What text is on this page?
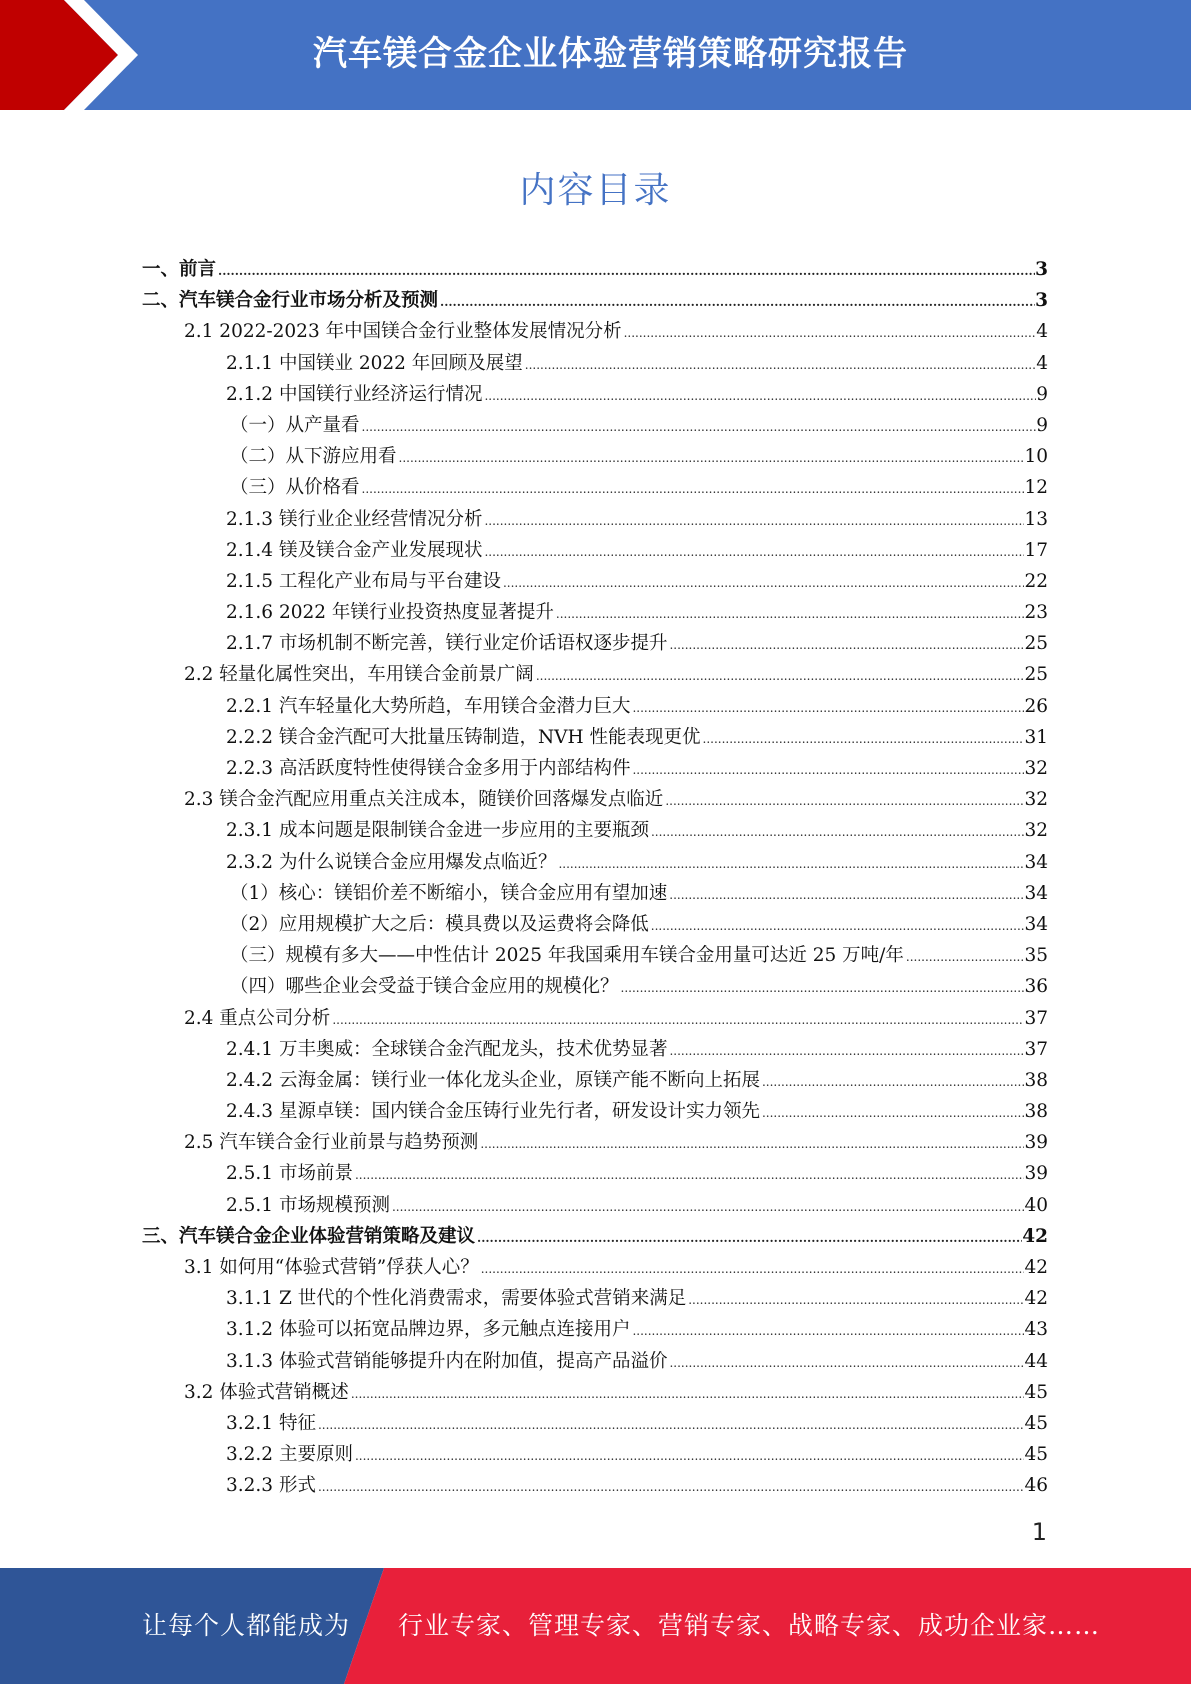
汽车镁合金企业体验营销策略研究报告
内容目录
一、前言 .....	3
二、汽车镁合金行业市场分析及预测 .....	3
2.1 2022-2023 年中国镁合金行业整体发展情况分析 .....	4
2.1.1 中国镁业 2022 年回顾及展望 .....	4
2.1.2 中国镁行业经济运行情况 .....	9
（一）从产量看 .....	9
（二）从下游应用看 .....	10
（三）从价格看 .....	12
2.1.3 镁行业企业经营情况分析 .....	13
2.1.4 镁及镁合金产业发展现状 .....	17
2.1.5 工程化产业布局与平台建设 .....	22
2.1.6 2022 年镁行业投资热度显著提升 .....	23
2.1.7 市场机制不断完善，镁行业定价话语权逐步提升 .....	25
2.2 轻量化属性突出，车用镁合金前景广阔 .....	25
2.2.1 汽车轻量化大势所趋，车用镁合金潜力巨大 .....	26
2.2.2 镁合金汽配可大批量压铸制造，NVH 性能表现更优 .....	31
2.2.3 高活跃度特性使得镁合金多用于内部结构件 .....	32
2.3 镁合金汽配应用重点关注成本，随镁价回落爆发点临近 .....	32
2.3.1 成本问题是限制镁合金进一步应用的主要瓶颈 .....	32
2.3.2 为什么说镁合金应用爆发点临近？ .....	34
（1）核心：镁铝价差不断缩小，镁合金应用有望加速 .....	34
（2）应用规模扩大之后：模具费以及运费将会降低 .....	34
（三）规模有多大——中性估计 2025 年我国乘用车镁合金用量可达近 25 万吨/年 .....	35
（四）哪些企业会受益于镁合金应用的规模化？ .....	36
2.4 重点公司分析 .....	37
2.4.1 万丰奥威：全球镁合金汽配龙头，技术优势显著 .....	37
2.4.2 云海金属：镁行业一体化龙头企业，原镁产能不断向上拓展 .....	38
2.4.3 星源卓镁：国内镁合金压铸行业先行者，研发设计实力领先 .....	38
2.5 汽车镁合金行业前景与趋势预测 .....	39
2.5.1 市场前景 .....	39
2.5.1 市场规模预测 .....	40
三、汽车镁合金企业体验营销策略及建议 .....	42
3.1 如何用“体验式营销”俘获人心？ .....	42
3.1.1 Z 世代的个性化消费需求，需要体验式营销来满足 .....	42
3.1.2 体验可以拓宽品牌边界，多元触点连接用户 .....	43
3.1.3 体验式营销能够提升内在附加值，提高产品溢价 .....	44
3.2 体验式营销概述 .....	45
3.2.1 特征 .....	45
3.2.2 主要原则 .....	45
3.2.3 形式 .....	46
1
让每个人都能成为 行业专家、管理专家、营销专家、战略专家、成功企业家……
